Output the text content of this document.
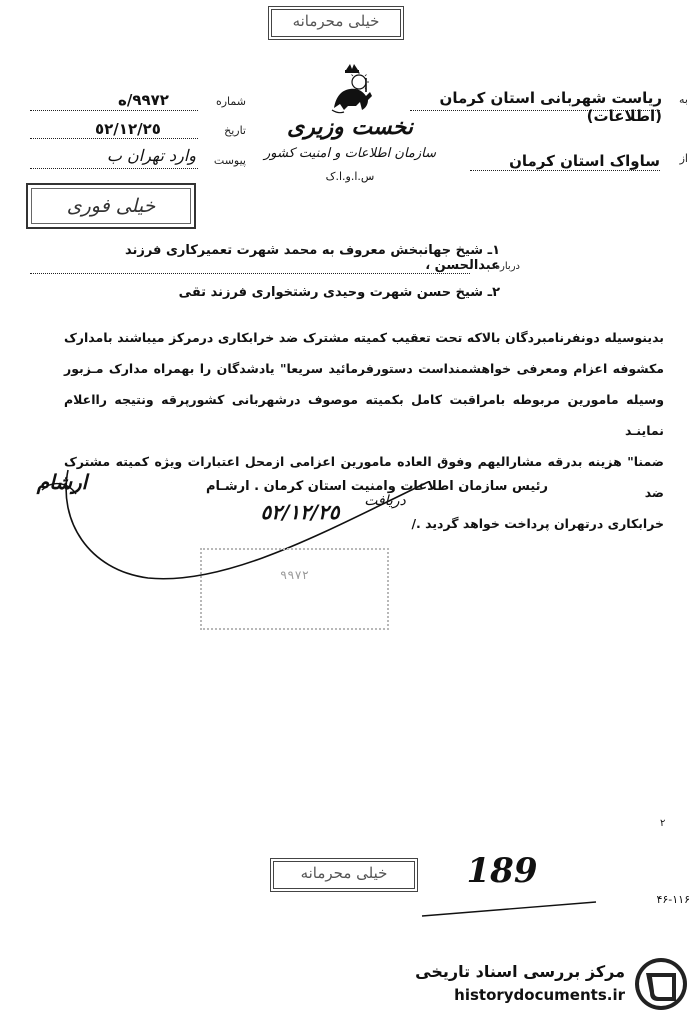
خیلی محرمانه
نخست وزیری
سازمان اطلاعات و امنیت کشور
س.ا.و.ا.ک
به
ریاست شهربانی استان کرمان (اطلاعات)
از
ساواک استان کرمان
شماره
٩٩٧٢/ه
تاریخ
٥٢/١٢/٢٥
پیوست
وارد تهران ب
خیلی فوری
۱ـ شیخ جهانبخش معروف به محمد شهرت تعمیرکاری فرزند عبدالحسن ،
درباره
۲ـ شیخ حسن شهرت وحیدی رشتخواری فرزند تقی
بدینوسیله دونفرنامبردگان بالاکه تحت تعقیب کمیته مشترک ضد خرابکاری درمرکز میباشند بامدارک
مکشوفه اعزام ومعرفی خواهشمنداست دستورفرمائید سریعا" یادشدگان را بهمراه مدارک مـزبور
وسیله مامورین مربوطه بامراقبت کامل بکمیته موصوف درشهربانی کشورپرقه ونتیجه رااعلام نماینـد
ضمنا" هزینه بدرقه مشارالیهم وفوق العاده مامورین اعزامی ازمحل اعتبارات ویژه کمیته مشترک ضد
خرابکاری درتهران پرداخت خواهد گردید ./
رئیس سازمان اطلاعات وامنیت استان کرمان . ارشـام
ارشام
دریافت
٥٢/١٢/٢٥
٩٩٧٢
۲
خیلی محرمانه	189
۴۶-۱۱۶
مرکز بررسی اسناد تاریخی
historydocuments.ir
